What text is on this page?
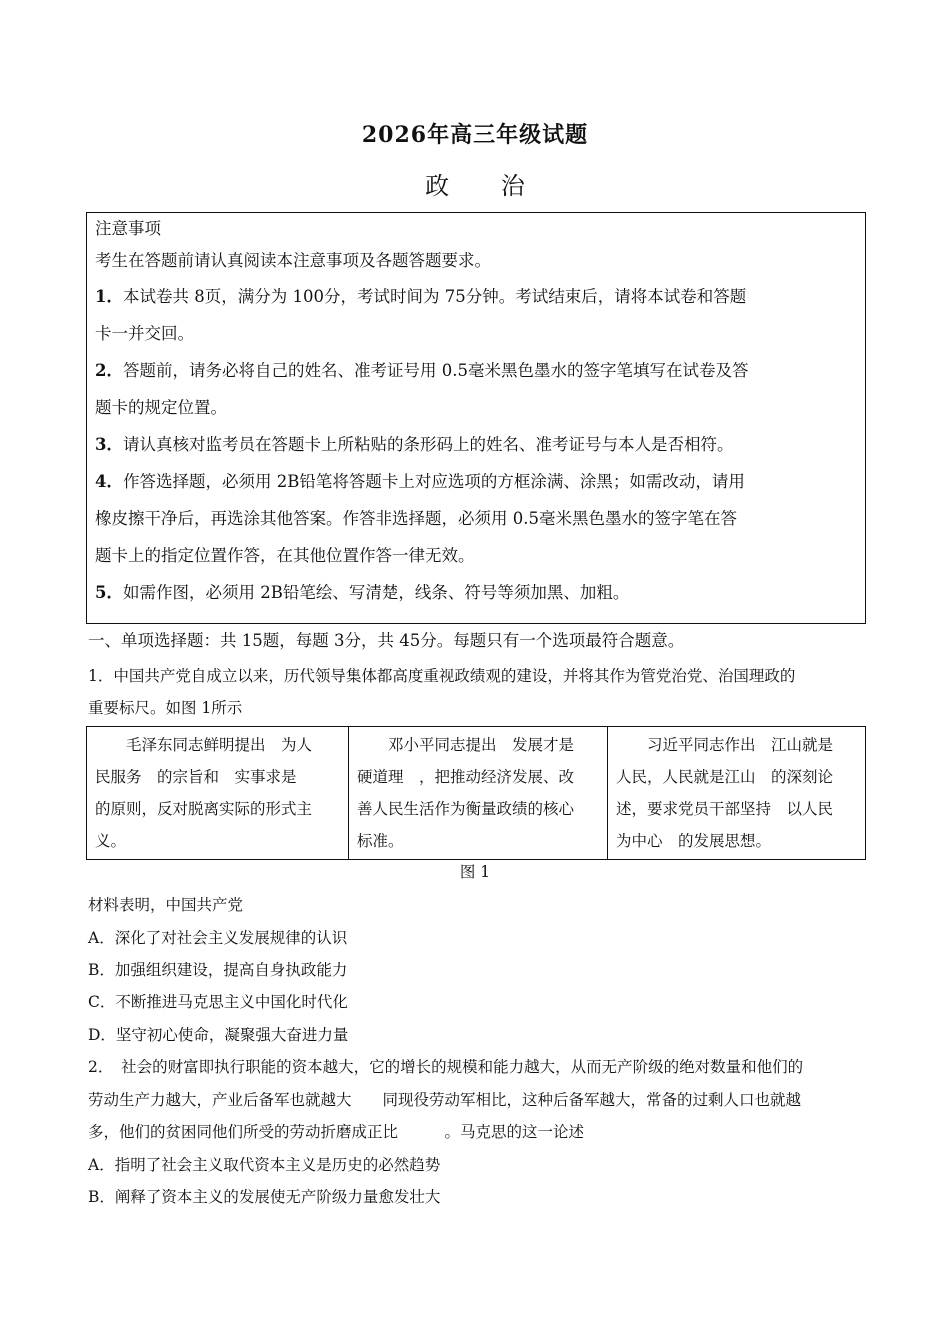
2026年高三年级试题
政 治
注意事项
考生在答题前请认真阅读本注意事项及各题答题要求。
1．本试卷共 8页，满分为 100分，考试时间为 75分钟。考试结束后，请将本试卷和答题
卡一并交回。
2．答题前，请务必将自己的姓名、准考证号用 0.5毫米黑色墨水的签字笔填写在试卷及答
题卡的规定位置。
3．请认真核对监考员在答题卡上所粘贴的条形码上的姓名、准考证号与本人是否相符。
4．作答选择题，必须用 2B铅笔将答题卡上对应选项的方框涂满、涂黑；如需改动，请用
橡皮擦干净后，再选涂其他答案。作答非选择题，必须用 0.5毫米黑色墨水的签字笔在答
题卡上的指定位置作答，在其他位置作答一律无效。
5．如需作图，必须用 2B铅笔绘、写清楚，线条、符号等须加黑、加粗。
一、单项选择题：共 15题，每题 3分，共 45分。每题只有一个选项最符合题意。
1．中国共产党自成立以来，历代领导集体都高度重视政绩观的建设，并将其作为管党治党、治国理政的
重要标尺。如图 1所示
　　毛泽东同志鲜明提出　为人
民服务　的宗旨和　实事求是
的原则，反对脱离实际的形式主
义。
　　邓小平同志提出　发展才是
硬道理　，把推动经济发展、改
善人民生活作为衡量政绩的核心
标准。
　　习近平同志作出　江山就是
人民，人民就是江山　的深刻论
述，要求党员干部坚持　以人民
为中心　的发展思想。
图 1
材料表明，中国共产党
A．深化了对社会主义发展规律的认识
B．加强组织建设，提高自身执政能力
C．不断推进马克思主义中国化时代化
D．坚守初心使命，凝聚强大奋进力量
2．　社会的财富即执行职能的资本越大，它的增长的规模和能力越大，从而无产阶级的绝对数量和他们的
劳动生产力越大，产业后备军也就越大　　同现役劳动军相比，这种后备军越大，常备的过剩人口也就越
多，他们的贫困同他们所受的劳动折磨成正比　　　。马克思的这一论述
A．指明了社会主义取代资本主义是历史的必然趋势
B．阐释了资本主义的发展使无产阶级力量愈发壮大
